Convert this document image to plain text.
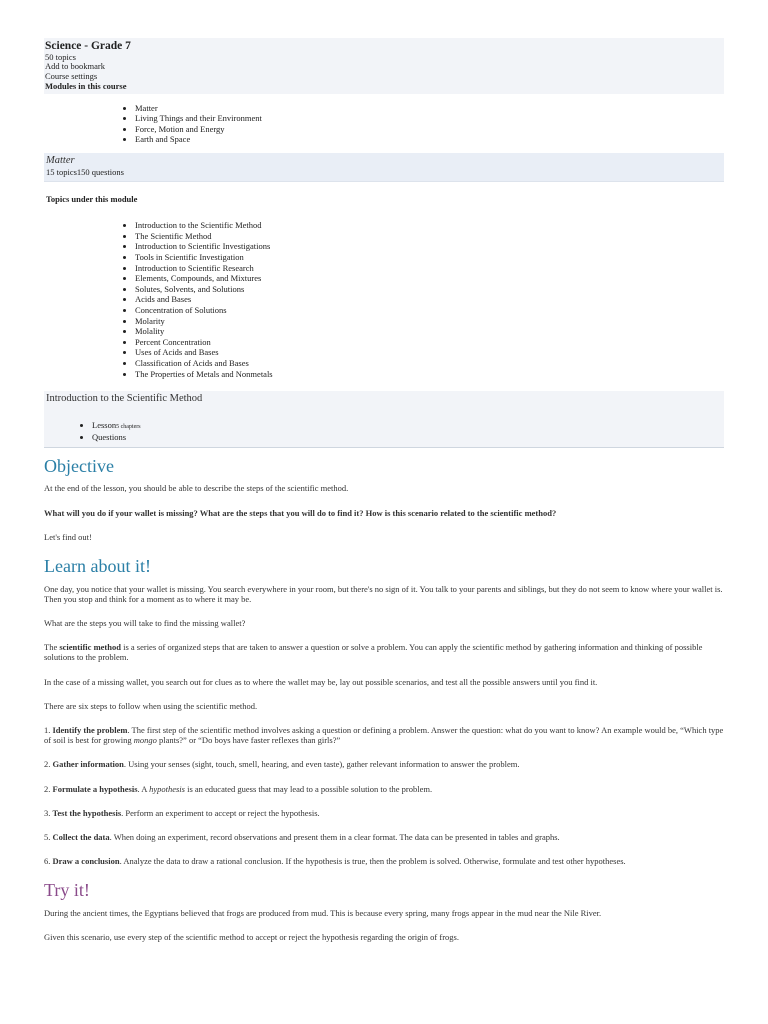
Science - Grade 7
50 topics
Add to bookmark
Course settings
Modules in this course
• Matter
• Living Things and their Environment
• Force, Motion and Energy
• Earth and Space
Matter
15 topics150 questions
Topics under this module
• Introduction to the Scientific Method
• The Scientific Method
• Introduction to Scientific Investigations
• Tools in Scientific Investigation
• Introduction to Scientific Research
• Elements, Compounds, and Mixtures
• Solutes, Solvents, and Solutions
• Acids and Bases
• Concentration of Solutions
• Molarity
• Molality
• Percent Concentration
• Uses of Acids and Bases
• Classification of Acids and Bases
• The Properties of Metals and Nonmetals
Introduction to the Scientific Method
• Lesson5 chapters
• Questions
Objective

At the end of the lesson, you should be able to describe the steps of the scientific method.

What will you do if your wallet is missing? What are the steps that you will do to find it? How is this scenario related to the scientific method?

Let's find out!

Learn about it!

One day, you notice that your wallet is missing. You search everywhere in your room, but there's no sign of it. You talk to your parents and siblings, but they do not seem to know where your wallet is. Then you stop and think for a moment as to where it may be.

What are the steps you will take to find the missing wallet?

The scientific method is a series of organized steps that are taken to answer a question or solve a problem. You can apply the scientific method by gathering information and thinking of possible solutions to the problem.

In the case of a missing wallet, you search out for clues as to where the wallet may be, lay out possible scenarios, and test all the possible answers until you find it.

There are six steps to follow when using the scientific method.

1. Identify the problem. The first step of the scientific method involves asking a question or defining a problem. Answer the question: what do you want to know? An example would be, “Which type of soil is best for growing mongo plants?” or “Do boys have faster reflexes than girls?”

2. Gather information. Using your senses (sight, touch, smell, hearing, and even taste), gather relevant information to answer the problem.

2. Formulate a hypothesis. A hypothesis is an educated guess that may lead to a possible solution to the problem.

3. Test the hypothesis. Perform an experiment to accept or reject the hypothesis.

5. Collect the data. When doing an experiment, record observations and present them in a clear format. The data can be presented in tables and graphs.

6. Draw a conclusion. Analyze the data to draw a rational conclusion. If the hypothesis is true, then the problem is solved. Otherwise, formulate and test other hypotheses.

Try it!

During the ancient times, the Egyptians believed that frogs are produced from mud. This is because every spring, many frogs appear in the mud near the Nile River.

Given this scenario, use every step of the scientific method to accept or reject the hypothesis regarding the origin of frogs.
